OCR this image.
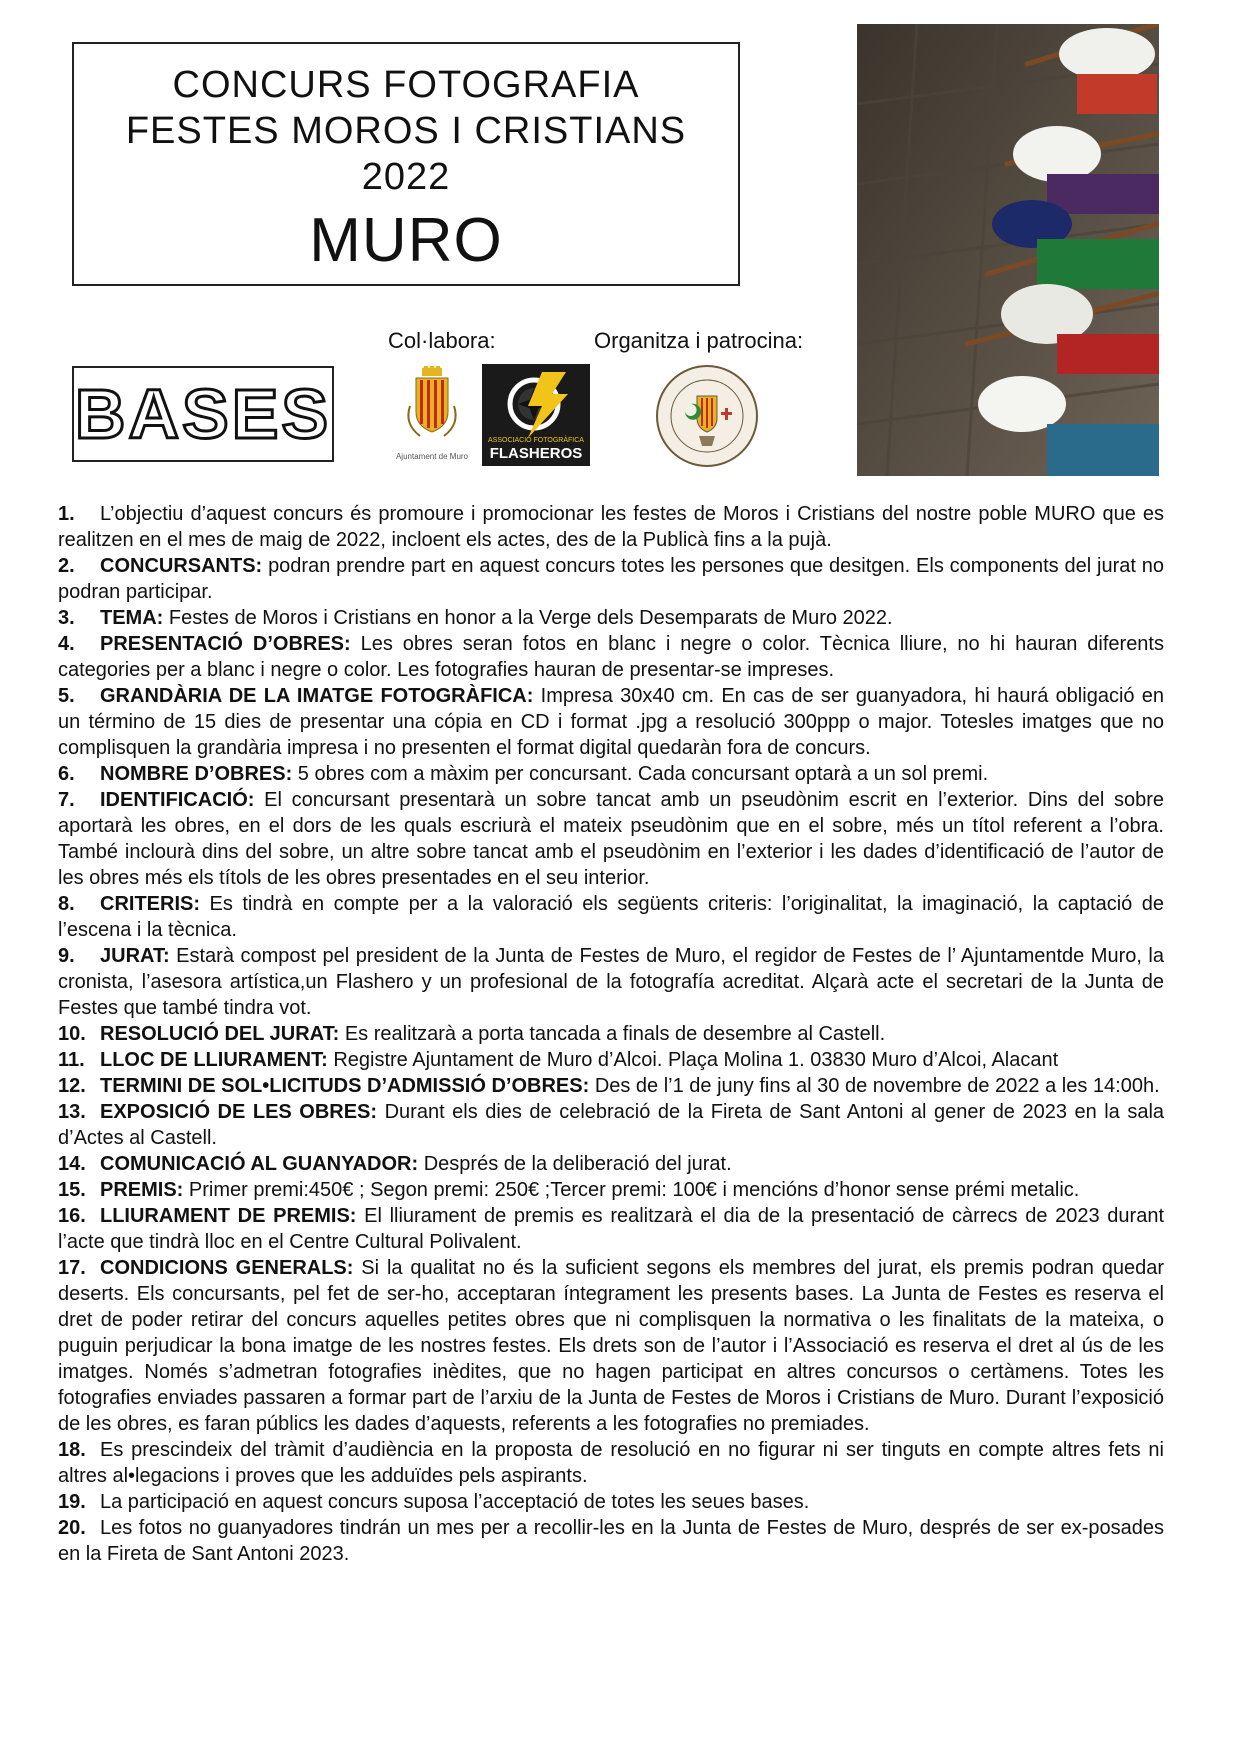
CONCURS FOTOGRAFIA
FESTES MOROS I CRISTIANS
2022
MURO
BASES
Col·labora:	Organitza i patrocina:
Ajuntament de Muro
ASSOCIACIÓ FOTOGRÀFICA
FLASHEROS
1. L’objectiu d’aquest concurs és promoure i promocionar les festes de Moros i Cristians del nostre poble MURO que es realitzen en el mes de maig de 2022, incloent els actes, des de la Publicà fins a la pujà.
2. CONCURSANTS: podran prendre part en aquest concurs totes les persones que desitgen. Els components del jurat no podran participar.
3. TEMA: Festes de Moros i Cristians en honor a la Verge dels Desemparats de Muro 2022.
4. PRESENTACIÓ D’OBRES: Les obres seran fotos en blanc i negre o color. Tècnica lliure, no hi hauran diferents categories per a blanc i negre o color. Les fotografies hauran de presentar-se impreses.
5. GRANDÀRIA DE LA IMATGE FOTOGRÀFICA: Impresa 30x40 cm. En cas de ser guanyadora, hi haurá obligació en un término de 15 dies de presentar una cópia en CD i format .jpg a resolució 300ppp o major. Totesles imatges que no complisquen la grandària impresa i no presenten el format digital quedaràn fora de concurs.
6. NOMBRE D’OBRES: 5 obres com a màxim per concursant. Cada concursant optarà a un sol premi.
7. IDENTIFICACIÓ: El concursant presentarà un sobre tancat amb un pseudònim escrit en l’exterior. Dins del sobre aportarà les obres, en el dors de les quals escriurà el mateix pseudònim que en el sobre, més un títol referent a l’obra. També inclourà dins del sobre, un altre sobre tancat amb el pseudònim en l’exterior i les dades d’identificació de l’autor de les obres més els títols de les obres presentades en el seu interior.
8. CRITERIS: Es tindrà en compte per a la valoració els següents criteris: l’originalitat, la imaginació, la captació de l’escena i la tècnica.
9. JURAT: Estarà compost pel president de la Junta de Festes de Muro, el regidor de Festes de l’ Ajuntamentde Muro, la cronista, l’asesora artística,un Flashero y un profesional de la fotografía acreditat. Alçarà acte el secretari de la Junta de Festes que també tindra vot.
10. RESOLUCIÓ DEL JURAT: Es realitzarà a porta tancada a finals de desembre al Castell.
11. LLOC DE LLIURAMENT: Registre Ajuntament de Muro d’Alcoi. Plaça Molina 1. 03830 Muro d’Alcoi, Alacant
12. TERMINI DE SOL•LICITUDS D’ADMISSIÓ D’OBRES: Des de l’1 de juny fins al 30 de novembre de 2022 a les 14:00h.
13. EXPOSICIÓ DE LES OBRES: Durant els dies de celebració de la Fireta de Sant Antoni al gener de 2023 en la sala d’Actes al Castell.
14. COMUNICACIÓ AL GUANYADOR: Després de la deliberació del jurat.
15. PREMIS: Primer premi:450€ ; Segon premi: 250€ ;Tercer premi: 100€ i mencións d’honor sense prémi metalic.
16. LLIURAMENT DE PREMIS: El lliurament de premis es realitzarà el dia de la presentació de càrrecs de 2023 durant l’acte que tindrà lloc en el Centre Cultural Polivalent.
17. CONDICIONS GENERALS: Si la qualitat no és la suficient segons els membres del jurat, els premis podran quedar deserts. Els concursants, pel fet de ser-ho, acceptaran íntegrament les presents bases. La Junta de Festes es reserva el dret de poder retirar del concurs aquelles petites obres que ni complisquen la normativa o les finalitats de la mateixa, o puguin perjudicar la bona imatge de les nostres festes. Els drets son de l’autor i l’Associació es reserva el dret al ús de les imatges. Només s’admetran fotografies inèdites, que no hagen participat en altres concursos o certàmens. Totes les fotografies enviades passaren a formar part de l’arxiu de la Junta de Festes de Moros i Cristians de Muro. Durant l’exposició de les obres, es faran públics les dades d’aquests, referents a les fotografies no premiades.
18. Es prescindeix del tràmit d’audiència en la proposta de resolució en no figurar ni ser tinguts en compte altres fets ni altres al•legacions i proves que les adduïdes pels aspirants.
19. La participació en aquest concurs suposa l’acceptació de totes les seues bases.
20. Les fotos no guanyadores tindrán un mes per a recollir-les en la Junta de Festes de Muro, després de ser ex-posades en la Fireta de Sant Antoni 2023.
